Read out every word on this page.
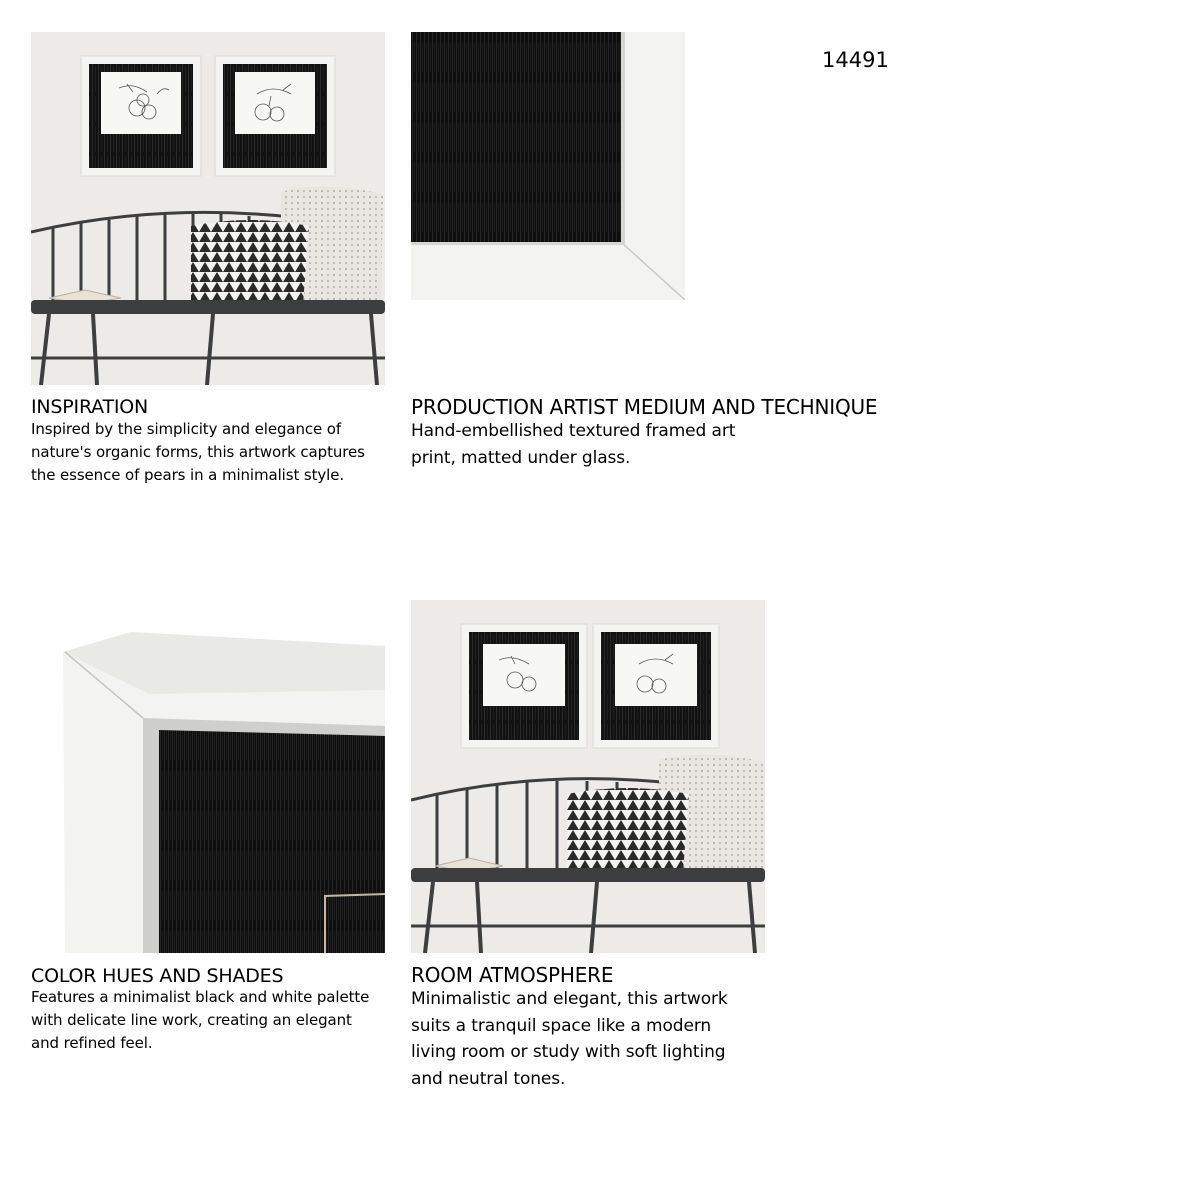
14491
INSPIRATION
Inspired by the simplicity and elegance of
nature's organic forms, this artwork captures
the essence of pears in a minimalist style.
PRODUCTION ARTIST MEDIUM AND TECHNIQUE
Hand-embellished textured framed art
print, matted under glass.
COLOR HUES AND SHADES
Features a minimalist black and white palette
with delicate line work, creating an elegant
and refined feel.
ROOM ATMOSPHERE
Minimalistic and elegant, this artwork
suits a tranquil space like a modern
living room or study with soft lighting
and neutral tones.
